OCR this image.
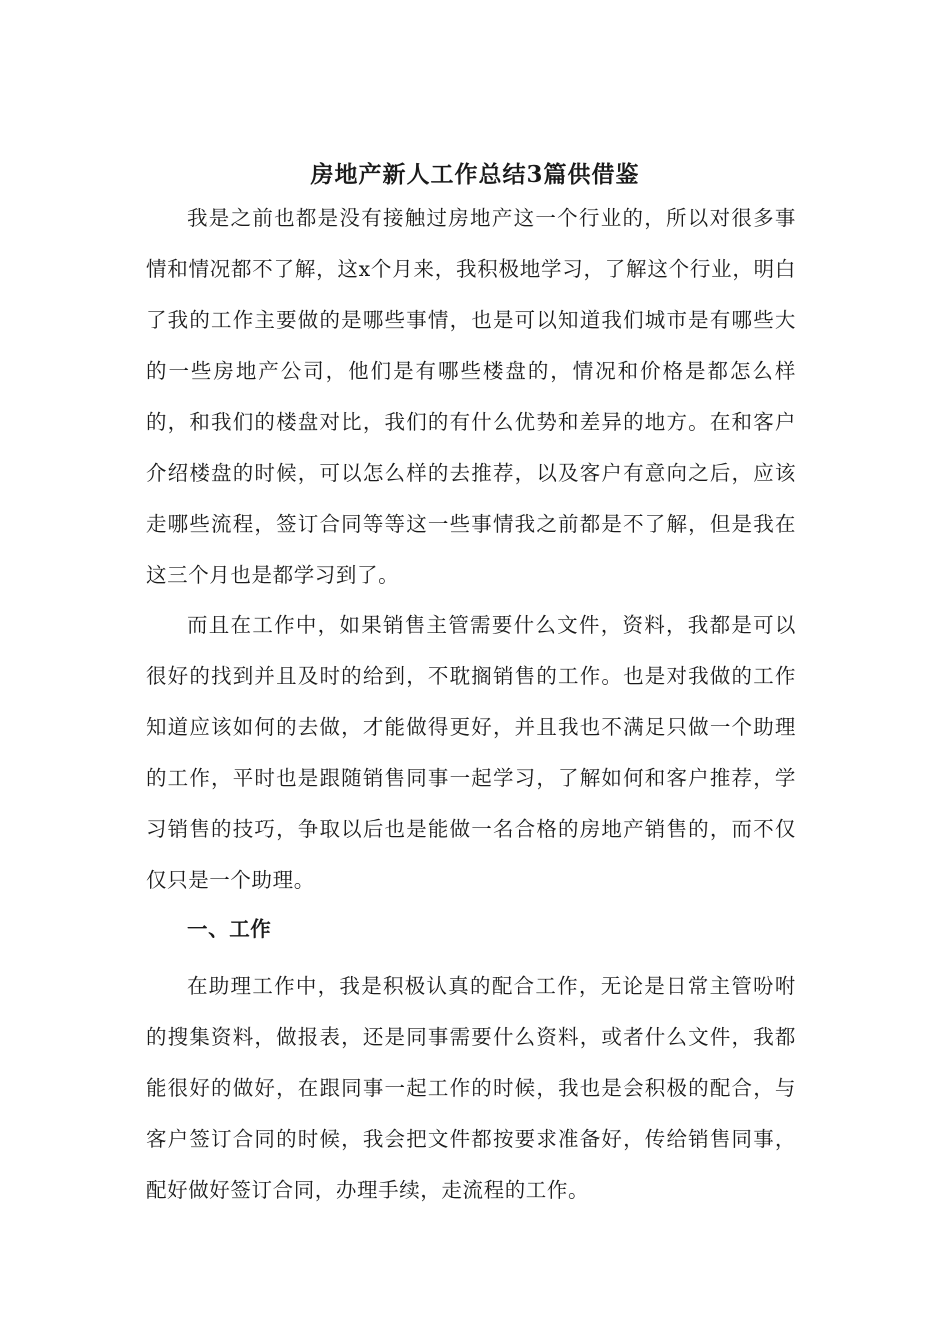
房地产新人工作总结3篇供借鉴

我是之前也都是没有接触过房地产这一个行业的，所以对很多事情和情况都不了解，这x个月来，我积极地学习，了解这个行业，明白了我的工作主要做的是哪些事情，也是可以知道我们城市是有哪些大的一些房地产公司，他们是有哪些楼盘的，情况和价格是都怎么样的，和我们的楼盘对比，我们的有什么优势和差异的地方。在和客户介绍楼盘的时候，可以怎么样的去推荐，以及客户有意向之后，应该走哪些流程，签订合同等等这一些事情我之前都是不了解，但是我在这三个月也是都学习到了。

而且在工作中，如果销售主管需要什么文件，资料，我都是可以很好的找到并且及时的给到，不耽搁销售的工作。也是对我做的工作知道应该如何的去做，才能做得更好，并且我也不满足只做一个助理的工作，平时也是跟随销售同事一起学习，了解如何和客户推荐，学习销售的技巧，争取以后也是能做一名合格的房地产销售的，而不仅仅只是一个助理。

一、工作

在助理工作中，我是积极认真的配合工作，无论是日常主管吩咐的搜集资料，做报表，还是同事需要什么资料，或者什么文件，我都能很好的做好，在跟同事一起工作的时候，我也是会积极的配合，与客户签订合同的时候，我会把文件都按要求准备好，传给销售同事，配好做好签订合同，办理手续，走流程的工作。
